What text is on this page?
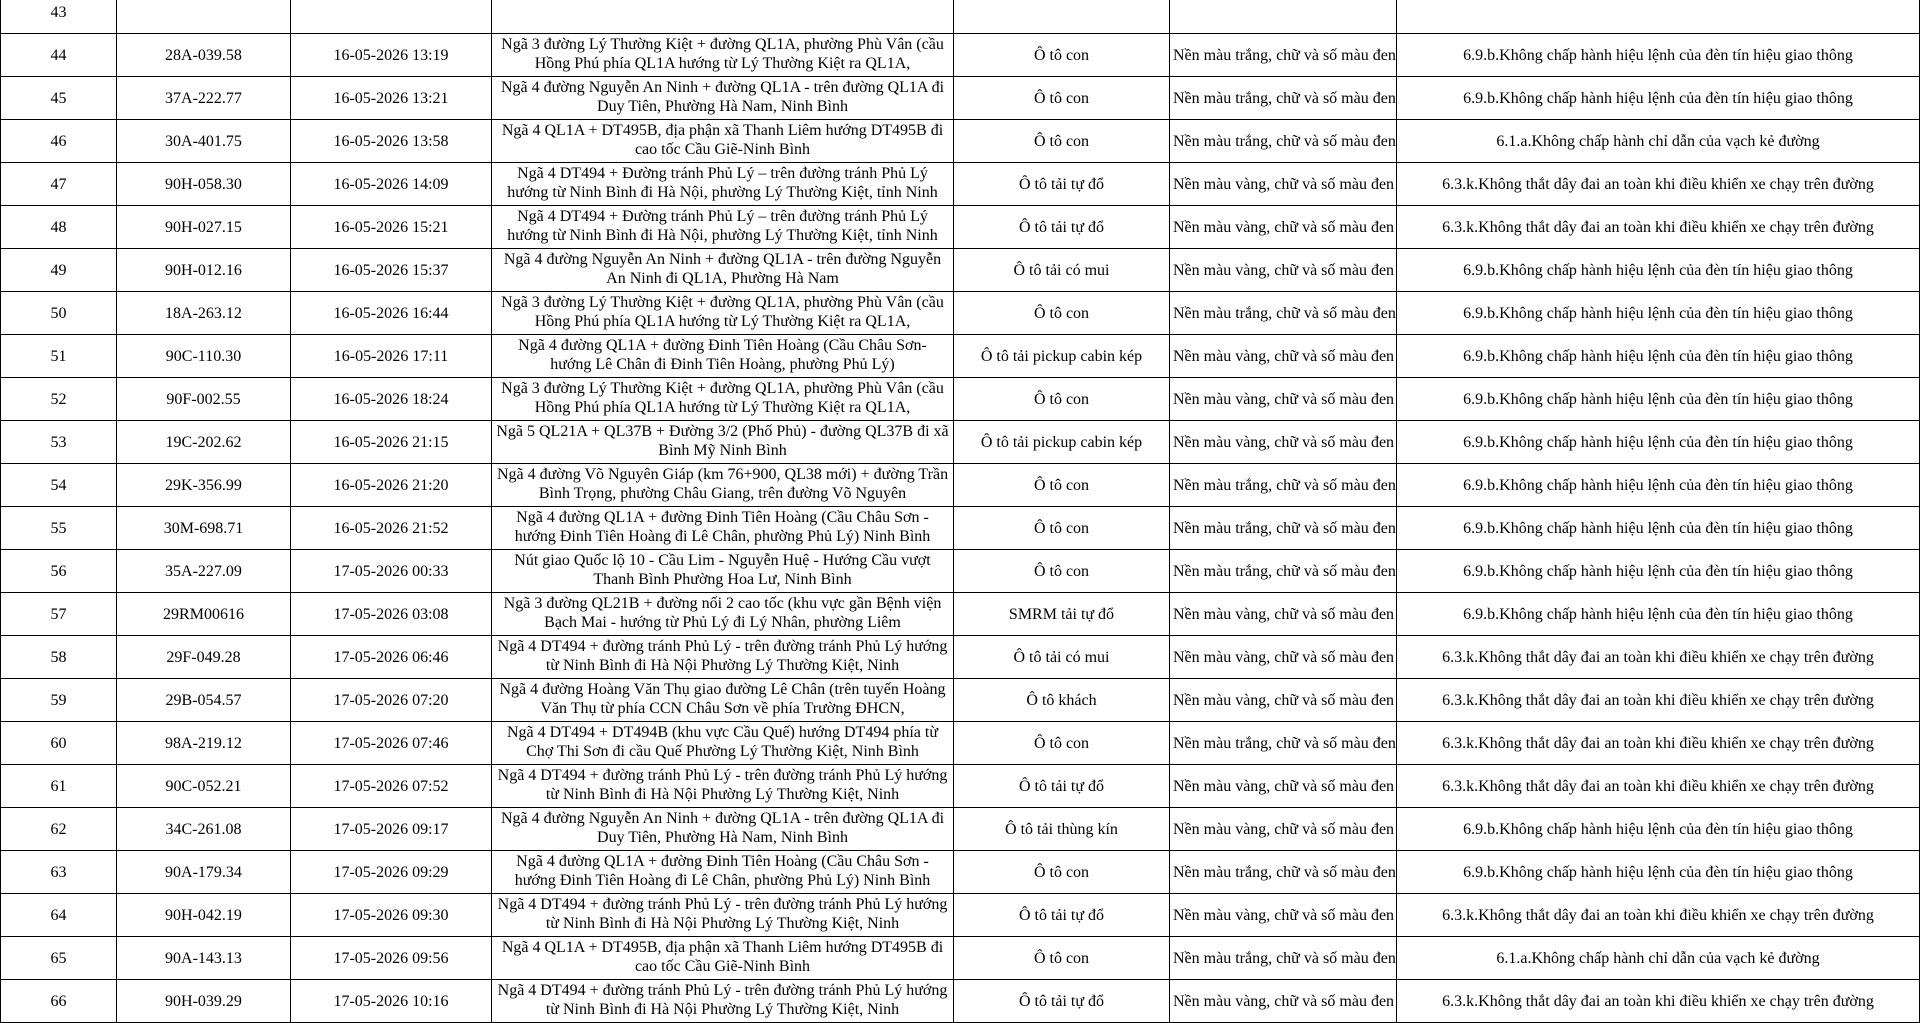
43			

44	28A-039.58	16-05-2026 13:19	Ngã 3 đường Lý Thường Kiệt + đường QL1A, phường Phù Vân (cầu Hồng Phú phía QL1A hướng từ Lý Thường Kiệt ra QL1A,	Ô tô con	Nền màu trắng, chữ và số màu đen	6.9.b.Không chấp hành hiệu lệnh của đèn tín hiệu giao thông
45	37A-222.77	16-05-2026 13:21	Ngã 4 đường Nguyễn An Ninh + đường QL1A - trên đường QL1A đi Duy Tiên, Phường Hà Nam, Ninh Bình	Ô tô con	Nền màu trắng, chữ và số màu đen	6.9.b.Không chấp hành hiệu lệnh của đèn tín hiệu giao thông
46	30A-401.75	16-05-2026 13:58	Ngã 4 QL1A + DT495B, địa phận xã Thanh Liêm hướng DT495B đi cao tốc Cầu Giẽ-Ninh Bình	Ô tô con	Nền màu trắng, chữ và số màu đen	6.1.a.Không chấp hành chỉ dẫn của vạch kẻ đường
47	90H-058.30	16-05-2026 14:09	Ngã 4 DT494 + Đường tránh Phủ Lý – trên đường tránh Phủ Lý hướng từ Ninh Bình đi Hà Nội, phường Lý Thường Kiệt, tỉnh Ninh	Ô tô tải tự đổ	Nền màu vàng, chữ và số màu đen	6.3.k.Không thắt dây đai an toàn khi điều khiển xe chạy trên đường
48	90H-027.15	16-05-2026 15:21	Ngã 4 DT494 + Đường tránh Phủ Lý – trên đường tránh Phủ Lý hướng từ Ninh Bình đi Hà Nội, phường Lý Thường Kiệt, tỉnh Ninh	Ô tô tải tự đổ	Nền màu vàng, chữ và số màu đen	6.3.k.Không thắt dây đai an toàn khi điều khiển xe chạy trên đường
49	90H-012.16	16-05-2026 15:37	Ngã 4 đường Nguyễn An Ninh + đường QL1A - trên đường Nguyễn An Ninh đi QL1A, Phường Hà Nam	Ô tô tải có mui	Nền màu vàng, chữ và số màu đen	6.9.b.Không chấp hành hiệu lệnh của đèn tín hiệu giao thông
50	18A-263.12	16-05-2026 16:44	Ngã 3 đường Lý Thường Kiệt + đường QL1A, phường Phù Vân (cầu Hồng Phú phía QL1A hướng từ Lý Thường Kiệt ra QL1A,	Ô tô con	Nền màu trắng, chữ và số màu đen	6.9.b.Không chấp hành hiệu lệnh của đèn tín hiệu giao thông
51	90C-110.30	16-05-2026 17:11	Ngã 4 đường QL1A + đường Đinh Tiên Hoàng (Cầu Châu Sơn- hướng Lê Chân đi Đinh Tiên Hoàng, phường Phủ Lý)	Ô tô tải pickup cabin kép	Nền màu vàng, chữ và số màu đen	6.9.b.Không chấp hành hiệu lệnh của đèn tín hiệu giao thông
52	90F-002.55	16-05-2026 18:24	Ngã 3 đường Lý Thường Kiệt + đường QL1A, phường Phù Vân (cầu Hồng Phú phía QL1A hướng từ Lý Thường Kiệt ra QL1A,	Ô tô con	Nền màu vàng, chữ và số màu đen	6.9.b.Không chấp hành hiệu lệnh của đèn tín hiệu giao thông
53	19C-202.62	16-05-2026 21:15	Ngã 5 QL21A + QL37B + Đường 3/2 (Phố Phủ) - đường QL37B đi xã Bình Mỹ Ninh Bình	Ô tô tải pickup cabin kép	Nền màu vàng, chữ và số màu đen	6.9.b.Không chấp hành hiệu lệnh của đèn tín hiệu giao thông
54	29K-356.99	16-05-2026 21:20	Ngã 4 đường Võ Nguyên Giáp (km 76+900, QL38 mới) + đường Trần Bình Trọng, phường Châu Giang, trên đường Võ Nguyên	Ô tô con	Nền màu trắng, chữ và số màu đen	6.9.b.Không chấp hành hiệu lệnh của đèn tín hiệu giao thông
55	30M-698.71	16-05-2026 21:52	Ngã 4 đường QL1A + đường Đinh Tiên Hoàng (Cầu Châu Sơn - hướng Đinh Tiên Hoàng đi Lê Chân, phường Phủ Lý) Ninh Bình	Ô tô con	Nền màu trắng, chữ và số màu đen	6.9.b.Không chấp hành hiệu lệnh của đèn tín hiệu giao thông
56	35A-227.09	17-05-2026 00:33	Nút giao Quốc lộ 10 - Cầu Lim - Nguyễn Huệ - Hướng Cầu vượt Thanh Bình Phường Hoa Lư, Ninh Bình	Ô tô con	Nền màu trắng, chữ và số màu đen	6.9.b.Không chấp hành hiệu lệnh của đèn tín hiệu giao thông
57	29RM00616	17-05-2026 03:08	Ngã 3 đường QL21B + đường nối 2 cao tốc (khu vực gần Bệnh viện Bạch Mai - hướng từ Phủ Lý đi Lý Nhân, phường Liêm	SMRM tải tự đổ	Nền màu vàng, chữ và số màu đen	6.9.b.Không chấp hành hiệu lệnh của đèn tín hiệu giao thông
58	29F-049.28	17-05-2026 06:46	Ngã 4 DT494 + đường tránh Phủ Lý - trên đường tránh Phủ Lý hướng từ Ninh Bình đi Hà Nội Phường Lý Thường Kiệt, Ninh	Ô tô tải có mui	Nền màu vàng, chữ và số màu đen	6.3.k.Không thắt dây đai an toàn khi điều khiển xe chạy trên đường
59	29B-054.57	17-05-2026 07:20	Ngã 4 đường Hoàng Văn Thụ giao đường Lê Chân (trên tuyến Hoàng Văn Thụ từ phía CCN Châu Sơn về phía Trường ĐHCN,	Ô tô khách	Nền màu vàng, chữ và số màu đen	6.3.k.Không thắt dây đai an toàn khi điều khiển xe chạy trên đường
60	98A-219.12	17-05-2026 07:46	Ngã 4 DT494 + DT494B (khu vực Cầu Quế) hướng DT494 phía từ Chợ Thi Sơn đi cầu Quế Phường Lý Thường Kiệt, Ninh Bình	Ô tô con	Nền màu trắng, chữ và số màu đen	6.3.k.Không thắt dây đai an toàn khi điều khiển xe chạy trên đường
61	90C-052.21	17-05-2026 07:52	Ngã 4 DT494 + đường tránh Phủ Lý - trên đường tránh Phủ Lý hướng từ Ninh Bình đi Hà Nội Phường Lý Thường Kiệt, Ninh	Ô tô tải tự đổ	Nền màu vàng, chữ và số màu đen	6.3.k.Không thắt dây đai an toàn khi điều khiển xe chạy trên đường
62	34C-261.08	17-05-2026 09:17	Ngã 4 đường Nguyễn An Ninh + đường QL1A - trên đường QL1A đi Duy Tiên, Phường Hà Nam, Ninh Bình	Ô tô tải thùng kín	Nền màu vàng, chữ và số màu đen	6.9.b.Không chấp hành hiệu lệnh của đèn tín hiệu giao thông
63	90A-179.34	17-05-2026 09:29	Ngã 4 đường QL1A + đường Đinh Tiên Hoàng (Cầu Châu Sơn - hướng Đinh Tiên Hoàng đi Lê Chân, phường Phủ Lý) Ninh Bình	Ô tô con	Nền màu trắng, chữ và số màu đen	6.9.b.Không chấp hành hiệu lệnh của đèn tín hiệu giao thông
64	90H-042.19	17-05-2026 09:30	Ngã 4 DT494 + đường tránh Phủ Lý - trên đường tránh Phủ Lý hướng từ Ninh Bình đi Hà Nội Phường Lý Thường Kiệt, Ninh	Ô tô tải tự đổ	Nền màu vàng, chữ và số màu đen	6.3.k.Không thắt dây đai an toàn khi điều khiển xe chạy trên đường
65	90A-143.13	17-05-2026 09:56	Ngã 4 QL1A + DT495B, địa phận xã Thanh Liêm hướng DT495B đi cao tốc Cầu Giẽ-Ninh Bình	Ô tô con	Nền màu trắng, chữ và số màu đen	6.1.a.Không chấp hành chỉ dẫn của vạch kẻ đường
66	90H-039.29	17-05-2026 10:16	Ngã 4 DT494 + đường tránh Phủ Lý - trên đường tránh Phủ Lý hướng từ Ninh Bình đi Hà Nội Phường Lý Thường Kiệt, Ninh	Ô tô tải tự đổ	Nền màu vàng, chữ và số màu đen	6.3.k.Không thắt dây đai an toàn khi điều khiển xe chạy trên đường
